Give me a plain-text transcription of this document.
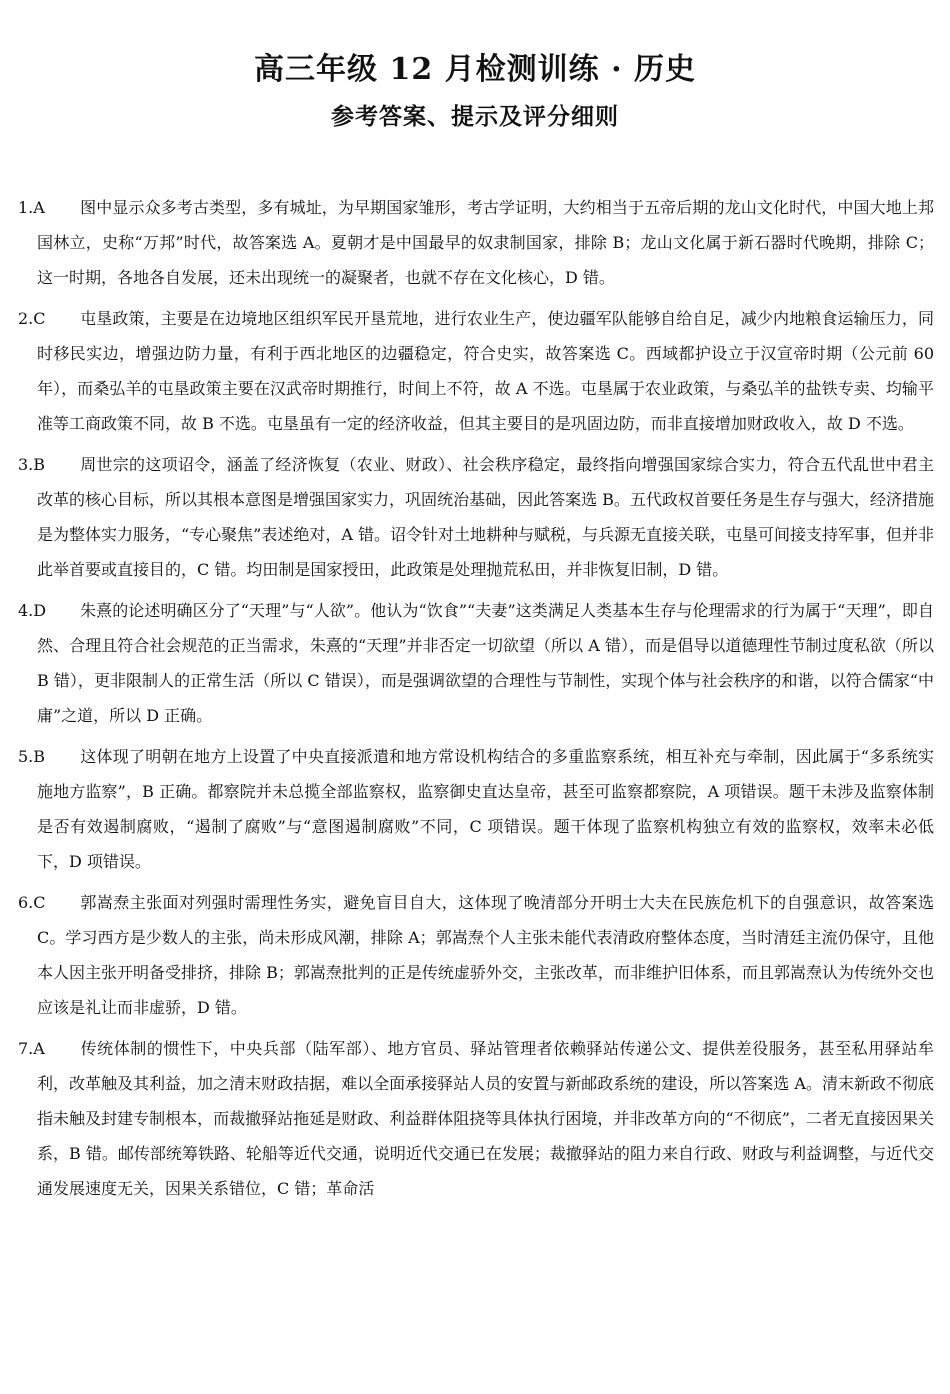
高三年级 12 月检测训练 · 历史
参考答案、提示及评分细则
1.A 图中显示众多考古类型，多有城址，为早期国家雏形，考古学证明，大约相当于五帝后期的龙山文化时代，中国大地上邦国林立，史称“万邦”时代，故答案选 A。夏朝才是中国最早的奴隶制国家，排除 B；龙山文化属于新石器时代晚期，排除 C；这一时期，各地各自发展，还未出现统一的凝聚者，也就不存在文化核心，D 错。
2.C 屯垦政策，主要是在边境地区组织军民开垦荒地，进行农业生产，使边疆军队能够自给自足，减少内地粮食运输压力，同时移民实边，增强边防力量，有利于西北地区的边疆稳定，符合史实，故答案选 C。西域都护设立于汉宣帝时期（公元前 60 年），而桑弘羊的屯垦政策主要在汉武帝时期推行，时间上不符，故 A 不选。屯垦属于农业政策，与桑弘羊的盐铁专卖、均输平准等工商政策不同，故 B 不选。屯垦虽有一定的经济收益，但其主要目的是巩固边防，而非直接增加财政收入，故 D 不选。
3.B 周世宗的这项诏令，涵盖了经济恢复（农业、财政）、社会秩序稳定，最终指向增强国家综合实力，符合五代乱世中君主改革的核心目标，所以其根本意图是增强国家实力，巩固统治基础，因此答案选 B。五代政权首要任务是生存与强大，经济措施是为整体实力服务，“专心聚焦”表述绝对，A 错。诏令针对土地耕种与赋税，与兵源无直接关联，屯垦可间接支持军事，但并非此举首要或直接目的，C 错。均田制是国家授田，此政策是处理抛荒私田，并非恢复旧制，D 错。
4.D 朱熹的论述明确区分了“天理”与“人欲”。他认为“饮食”“夫妻”这类满足人类基本生存与伦理需求的行为属于“天理”，即自然、合理且符合社会规范的正当需求，朱熹的“天理”并非否定一切欲望（所以 A 错），而是倡导以道德理性节制过度私欲（所以 B 错），更非限制人的正常生活（所以 C 错误），而是强调欲望的合理性与节制性，实现个体与社会秩序的和谐，以符合儒家“中庸”之道，所以 D 正确。
5.B 这体现了明朝在地方上设置了中央直接派遣和地方常设机构结合的多重监察系统，相互补充与牵制，因此属于“多系统实施地方监察”，B 正确。都察院并未总揽全部监察权，监察御史直达皇帝，甚至可监察都察院，A 项错误。题干未涉及监察体制是否有效遏制腐败，“遏制了腐败”与“意图遏制腐败”不同，C 项错误。题干体现了监察机构独立有效的监察权，效率未必低下，D 项错误。
6.C 郭嵩焘主张面对列强时需理性务实，避免盲目自大，这体现了晚清部分开明士大夫在民族危机下的自强意识，故答案选 C。学习西方是少数人的主张，尚未形成风潮，排除 A；郭嵩焘个人主张未能代表清政府整体态度，当时清廷主流仍保守，且他本人因主张开明备受排挤，排除 B；郭嵩焘批判的正是传统虚骄外交，主张改革，而非维护旧体系，而且郭嵩焘认为传统外交也应该是礼让而非虚骄，D 错。
7.A 传统体制的惯性下，中央兵部（陆军部）、地方官员、驿站管理者依赖驿站传递公文、提供差役服务，甚至私用驿站牟利，改革触及其利益，加之清末财政拮据，难以全面承接驿站人员的安置与新邮政系统的建设，所以答案选 A。清末新政不彻底指未触及封建专制根本，而裁撤驿站拖延是财政、利益群体阻挠等具体执行困境，并非改革方向的“不彻底”，二者无直接因果关系，B 错。邮传部统筹铁路、轮船等近代交通，说明近代交通已在发展；裁撤驿站的阻力来自行政、财政与利益调整，与近代交通发展速度无关，因果关系错位，C 错；革命活
